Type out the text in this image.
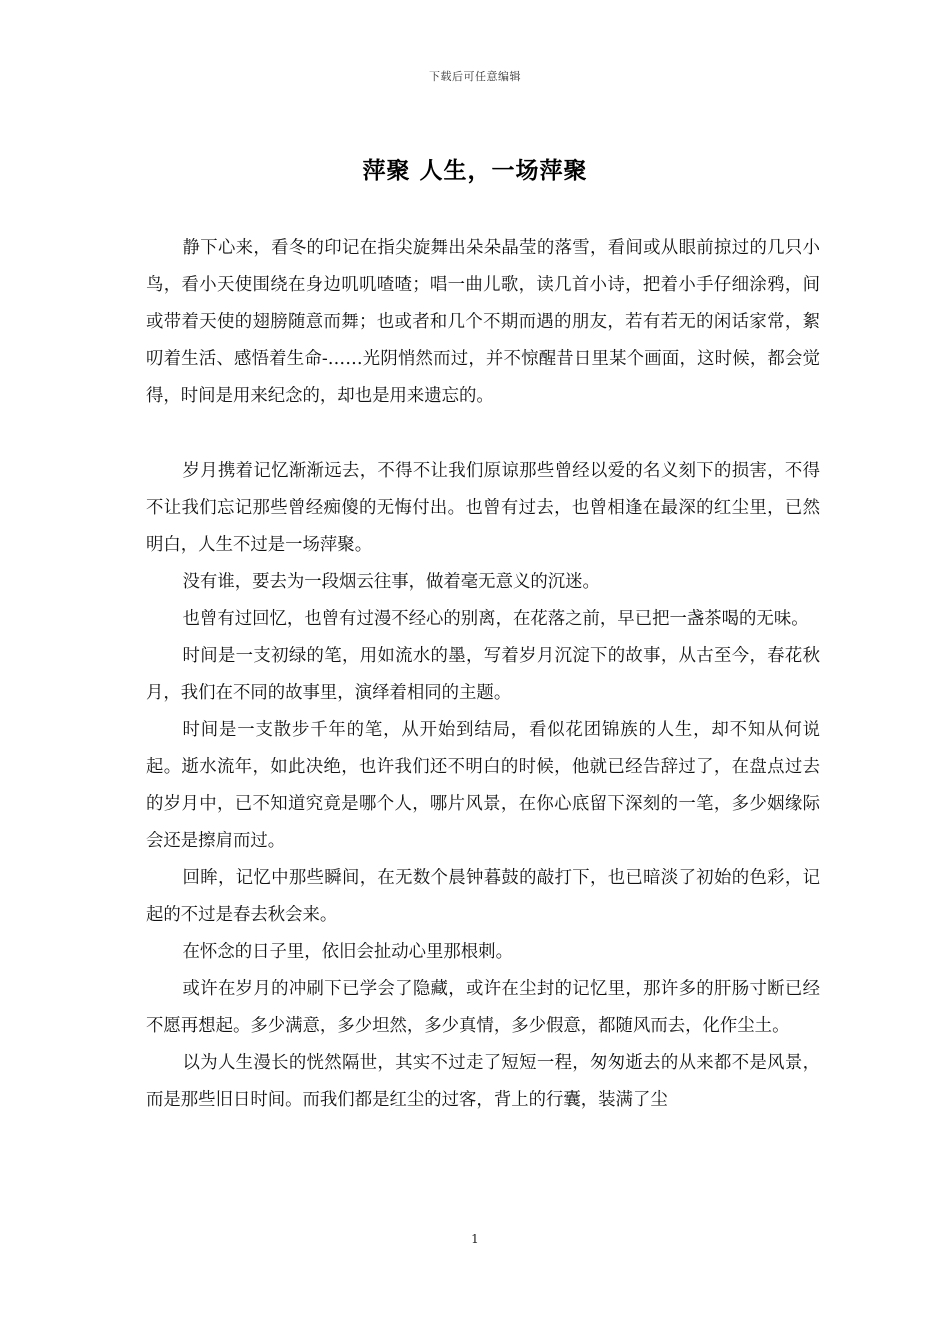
下载后可任意编辑
萍聚 人生，一场萍聚

静下心来，看冬的印记在指尖旋舞出朵朵晶莹的落雪，看间或从眼前掠过的几只小鸟，看小天使围绕在身边叽叽喳喳；唱一曲儿歌，读几首小诗，把着小手仔细涂鸦，间或带着天使的翅膀随意而舞；也或者和几个不期而遇的朋友，若有若无的闲话家常，絮叨着生活、感悟着生命-……光阴悄然而过，并不惊醒昔日里某个画面，这时候，都会觉得，时间是用来纪念的，却也是用来遗忘的。

岁月携着记忆渐渐远去，不得不让我们原谅那些曾经以爱的名义刻下的损害，不得不让我们忘记那些曾经痴傻的无悔付出。也曾有过去，也曾相逢在最深的红尘里，已然明白，人生不过是一场萍聚。

没有谁，要去为一段烟云往事，做着毫无意义的沉迷。

也曾有过回忆，也曾有过漫不经心的别离，在花落之前，早已把一盏茶喝的无味。

时间是一支初绿的笔，用如流水的墨，写着岁月沉淀下的故事，从古至今，春花秋月，我们在不同的故事里，演绎着相同的主题。

时间是一支散步千年的笔，从开始到结局，看似花团锦族的人生，却不知从何说起。逝水流年，如此决绝，也许我们还不明白的时候，他就已经告辞过了，在盘点过去的岁月中，已不知道究竟是哪个人，哪片风景，在你心底留下深刻的一笔，多少姻缘际会还是擦肩而过。

回眸，记忆中那些瞬间，在无数个晨钟暮鼓的敲打下，也已暗淡了初始的色彩，记起的不过是春去秋会来。

在怀念的日子里，依旧会扯动心里那根刺。

或许在岁月的冲刷下已学会了隐藏，或许在尘封的记忆里，那许多的肝肠寸断已经不愿再想起。多少满意，多少坦然，多少真情，多少假意，都随风而去，化作尘土。

以为人生漫长的恍然隔世，其实不过走了短短一程，匆匆逝去的从来都不是风景，而是那些旧日时间。而我们都是红尘的过客，背上的行囊，装满了尘

1
